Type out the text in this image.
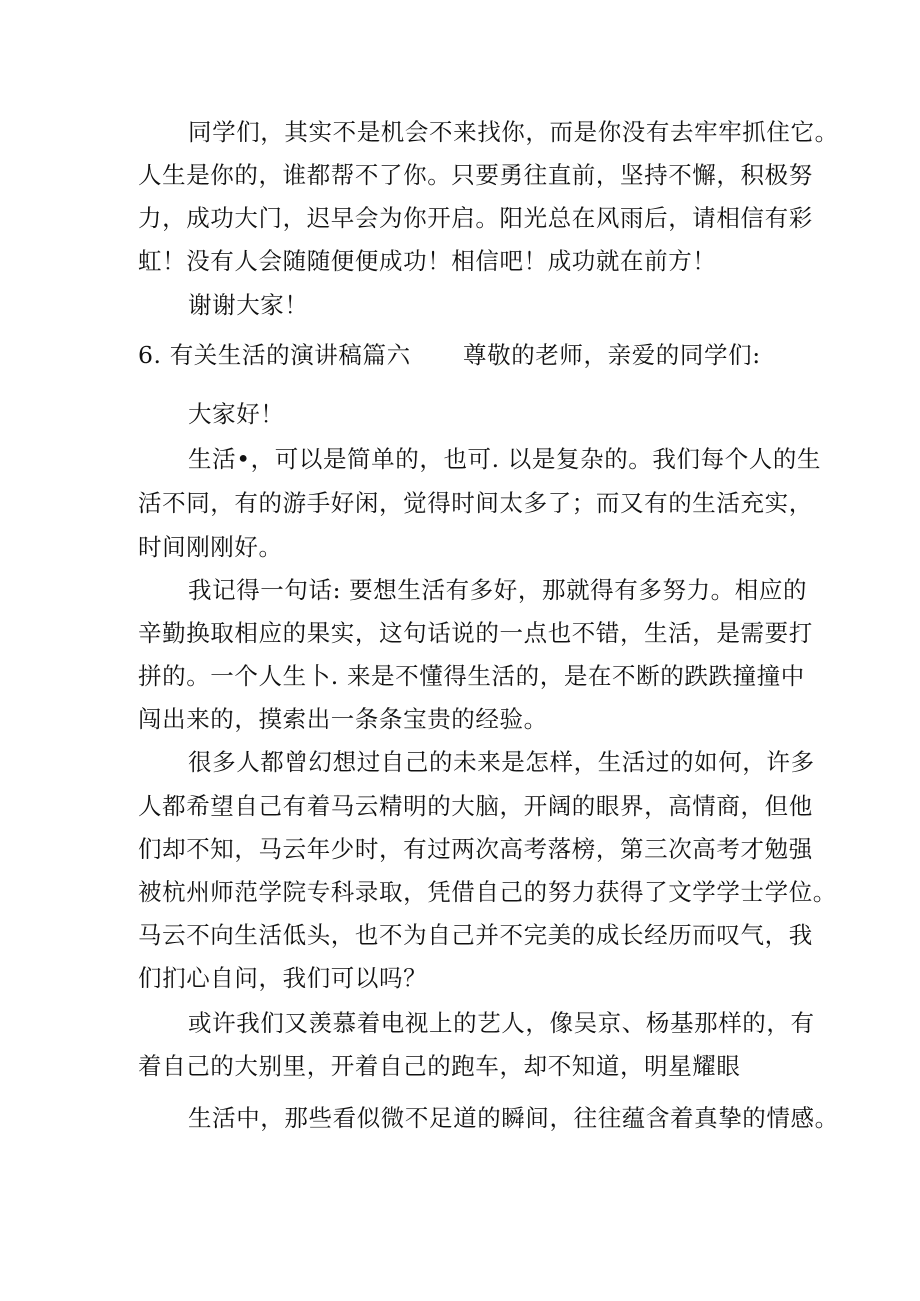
同学们，其实不是机会不来找你，而是你没有去牢牢抓住它。
人生是你的，谁都帮不了你。只要勇往直前，坚持不懈，积极努
力，成功大门，迟早会为你开启。阳光总在风雨后，请相信有彩
虹！没有人会随随便便成功！相信吧！成功就在前方！
谢谢大家！
6. 有关生活的演讲稿篇六 尊敬的老师，亲爱的同学们:
大家好！
生活•，可以是简单的，也可. 以是复杂的。我们每个人的生
活不同，有的游手好闲，觉得时间太多了；而又有的生活充实，
时间刚刚好。
我记得一句话: 要想生活有多好，那就得有多努力。相应的
辛勤换取相应的果实，这句话说的一点也不错，生活，是需要打
拼的。一个人生卜. 来是不懂得生活的，是在不断的跌跌撞撞中
闯出来的，摸索出一条条宝贵的经验。
很多人都曾幻想过自己的未来是怎样，生活过的如何，许多
人都希望自己有着马云精明的大脑，开阔的眼界，高情商，但他
们却不知，马云年少时，有过两次高考落榜，第三次高考才勉强
被杭州师范学院专科录取，凭借自己的努力获得了文学学士学位。
马云不向生活低头，也不为自己并不完美的成长经历而叹气，我
们扪心自问，我们可以吗？
或许我们又羡慕着电视上的艺人，像吴京、杨基那样的，有
着自己的大别里，开着自己的跑车，却不知道，明星耀眼
生活中，那些看似微不足道的瞬间，往往蕴含着真挚的情感。
